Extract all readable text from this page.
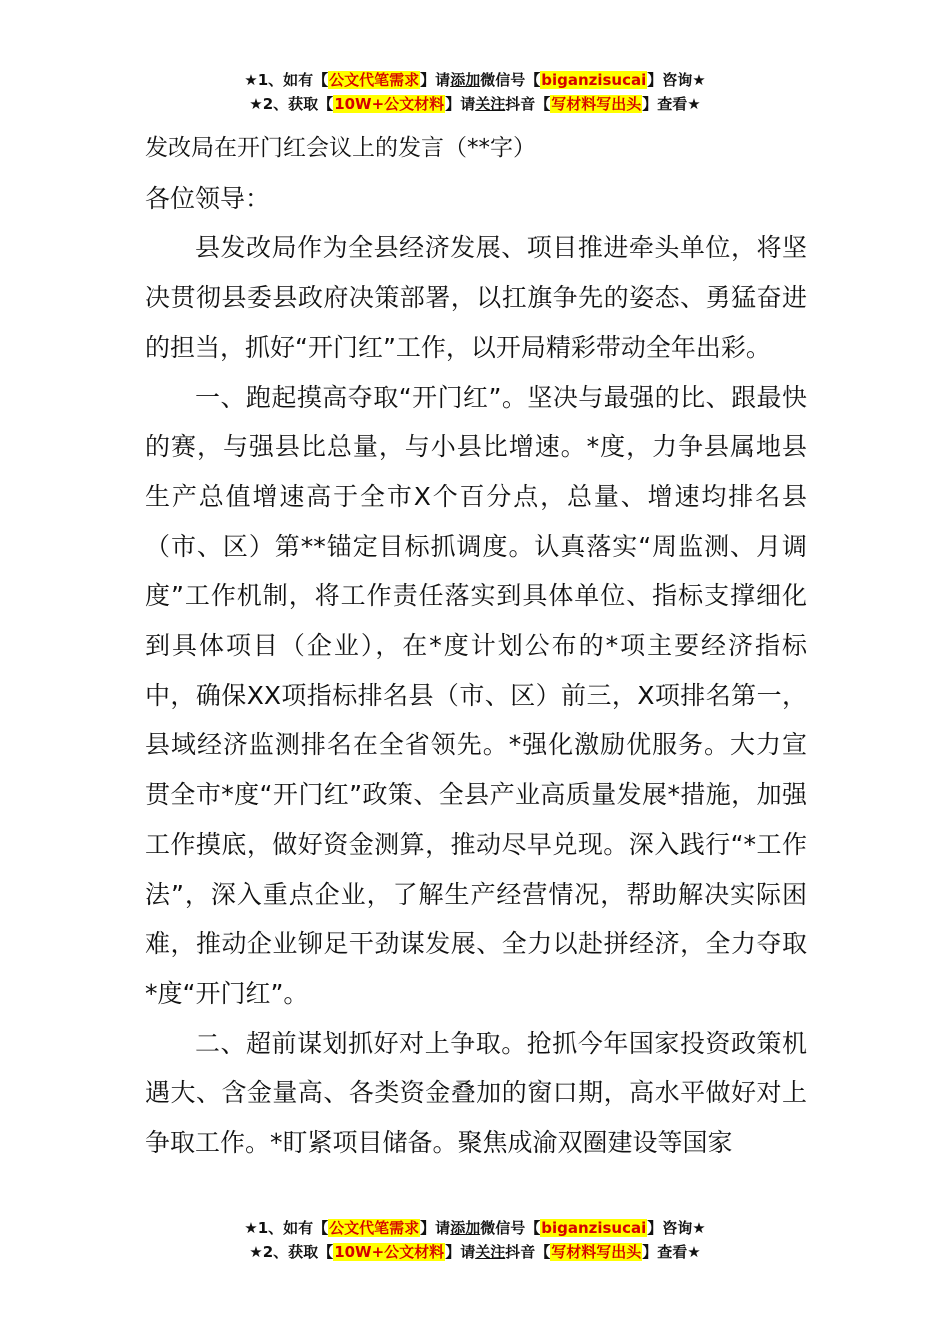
★1、如有【公文代笔需求】请添加微信号【biganzisucai】咨询★
★2、获取【10W+公文材料】请关注抖音【写材料写出头】查看★

发改局在开门红会议上的发言（**字）

各位领导：

县发改局作为全县经济发展、项目推进牵头单位，将坚决贯彻县委县政府决策部署，以扛旗争先的姿态、勇猛奋进的担当，抓好“开门红”工作，以开局精彩带动全年出彩。

一、跑起摸高夺取“开门红”。坚决与最强的比、跟最快的赛，与强县比总量，与小县比增速。*度，力争县属地县生产总值增速高于全市X个百分点，总量、增速均排名县（市、区）第**锚定目标抓调度。认真落实“周监测、月调度”工作机制，将工作责任落实到具体单位、指标支撑细化到具体项目（企业），在*度计划公布的*项主要经济指标中，确保XX项指标排名县（市、区）前三，X项排名第一，县域经济监测排名在全省领先。*强化激励优服务。大力宣贯全市*度“开门红”政策、全县产业高质量发展*措施，加强工作摸底，做好资金测算，推动尽早兑现。深入践行“*工作法”，深入重点企业，了解生产经营情况，帮助解决实际困难，推动企业铆足干劲谋发展、全力以赴拼经济，全力夺取*度“开门红”。

二、超前谋划抓好对上争取。抢抓今年国家投资政策机遇大、含金量高、各类资金叠加的窗口期，高水平做好对上争取工作。*盯紧项目储备。聚焦成渝双圈建设等国家

★1、如有【公文代笔需求】请添加微信号【biganzisucai】咨询★
★2、获取【10W+公文材料】请关注抖音【写材料写出头】查看★
